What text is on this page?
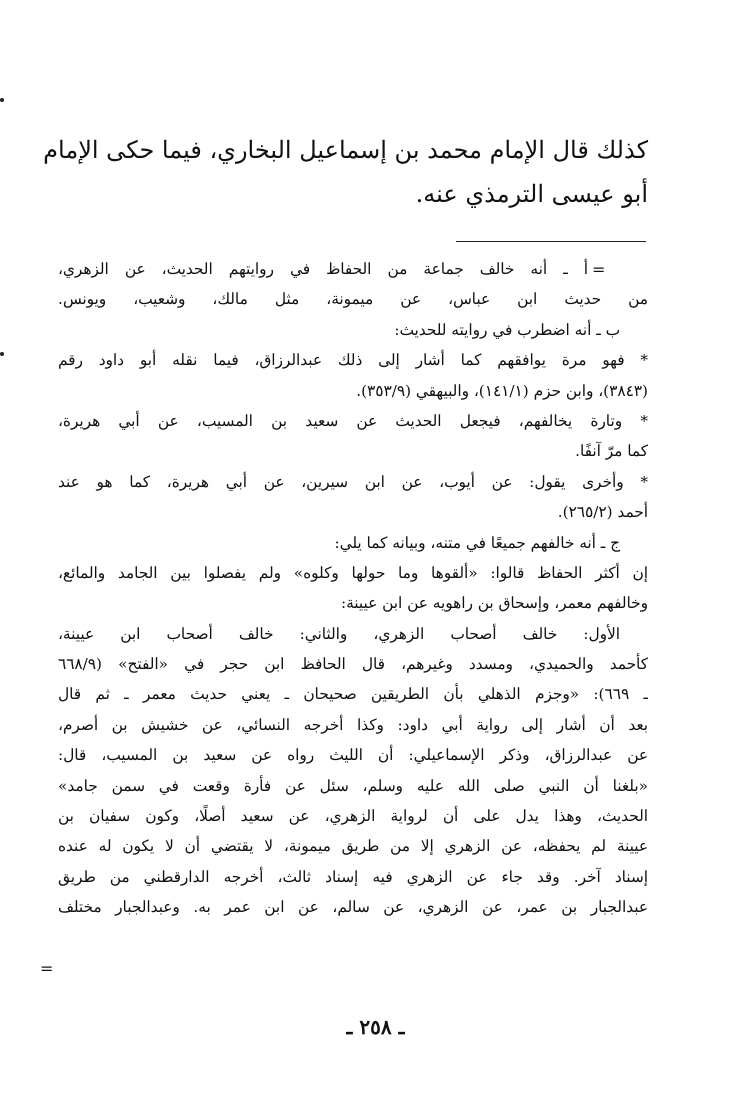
كذلك قال الإمام محمد بن إسماعيل البخاري، فيما حكى الإمام
أبو عيسى الترمذي عنه.
=
أ ـ أنه خالف جماعة من الحفاظ في روايتهم الحديث، عن الزهري،
من حديث ابن عباس، عن ميمونة، مثل مالك، وشعيب، ويونس.
ب ـ أنه اضطرب في روايته للحديث:
* فهو مرة يوافقهم كما أشار إلى ذلك عبدالرزاق، فيما نقله أبو داود رقم
(٣٨٤٣)، وابن حزم (١٤١/١)، والبيهقي (٣٥٣/٩).
* وتارة يخالفهم، فيجعل الحديث عن سعيد بن المسيب، عن أبي هريرة،
كما مرّ آنفًا.
* وأخرى يقول: عن أيوب، عن ابن سيرين، عن أبي هريرة، كما هو عند
أحمد (٢٦٥/٢).
ج ـ أنه خالفهم جميعًا في متنه، وبيانه كما يلي:
إن أكثر الحفاظ قالوا: «ألقوها وما حولها وكلوه» ولم يفصلوا بين الجامد والمائع،
وخالفهم معمر، وإسحاق بن راهويه عن ابن عيينة:
الأول: خالف أصحاب الزهري، والثاني: خالف أصحاب ابن عيينة،
كأحمد والحميدي، ومسدد وغيرهم، قال الحافظ ابن حجر في «الفتح» (٦٦٨/٩
ـ ٦٦٩): «وجزم الذهلي بأن الطريقين صحيحان ـ يعني حديث معمر ـ ثم قال
بعد أن أشار إلى رواية أبي داود: وكذا أخرجه النسائي، عن خشيش بن أصرم،
عن عبدالرزاق، وذكر الإسماعيلي: أن الليث رواه عن سعيد بن المسيب، قال:
«بلغنا أن النبي صلى الله عليه وسلم، سئل عن فأرة وقعت في سمن جامد»
الحديث، وهذا يدل على أن لرواية الزهري، عن سعيد أصلًا، وكون سفيان بن
عيينة لم يحفظه، عن الزهري إلا من طريق ميمونة، لا يقتضي أن لا يكون له عنده
إسناد آخر. وقد جاء عن الزهري فيه إسناد ثالث، أخرجه الدارقطني من طريق
عبدالجبار بن عمر، عن الزهري، عن سالم، عن ابن عمر به. وعبدالجبار مختلف
=
ـ ٢٥٨ ـ
